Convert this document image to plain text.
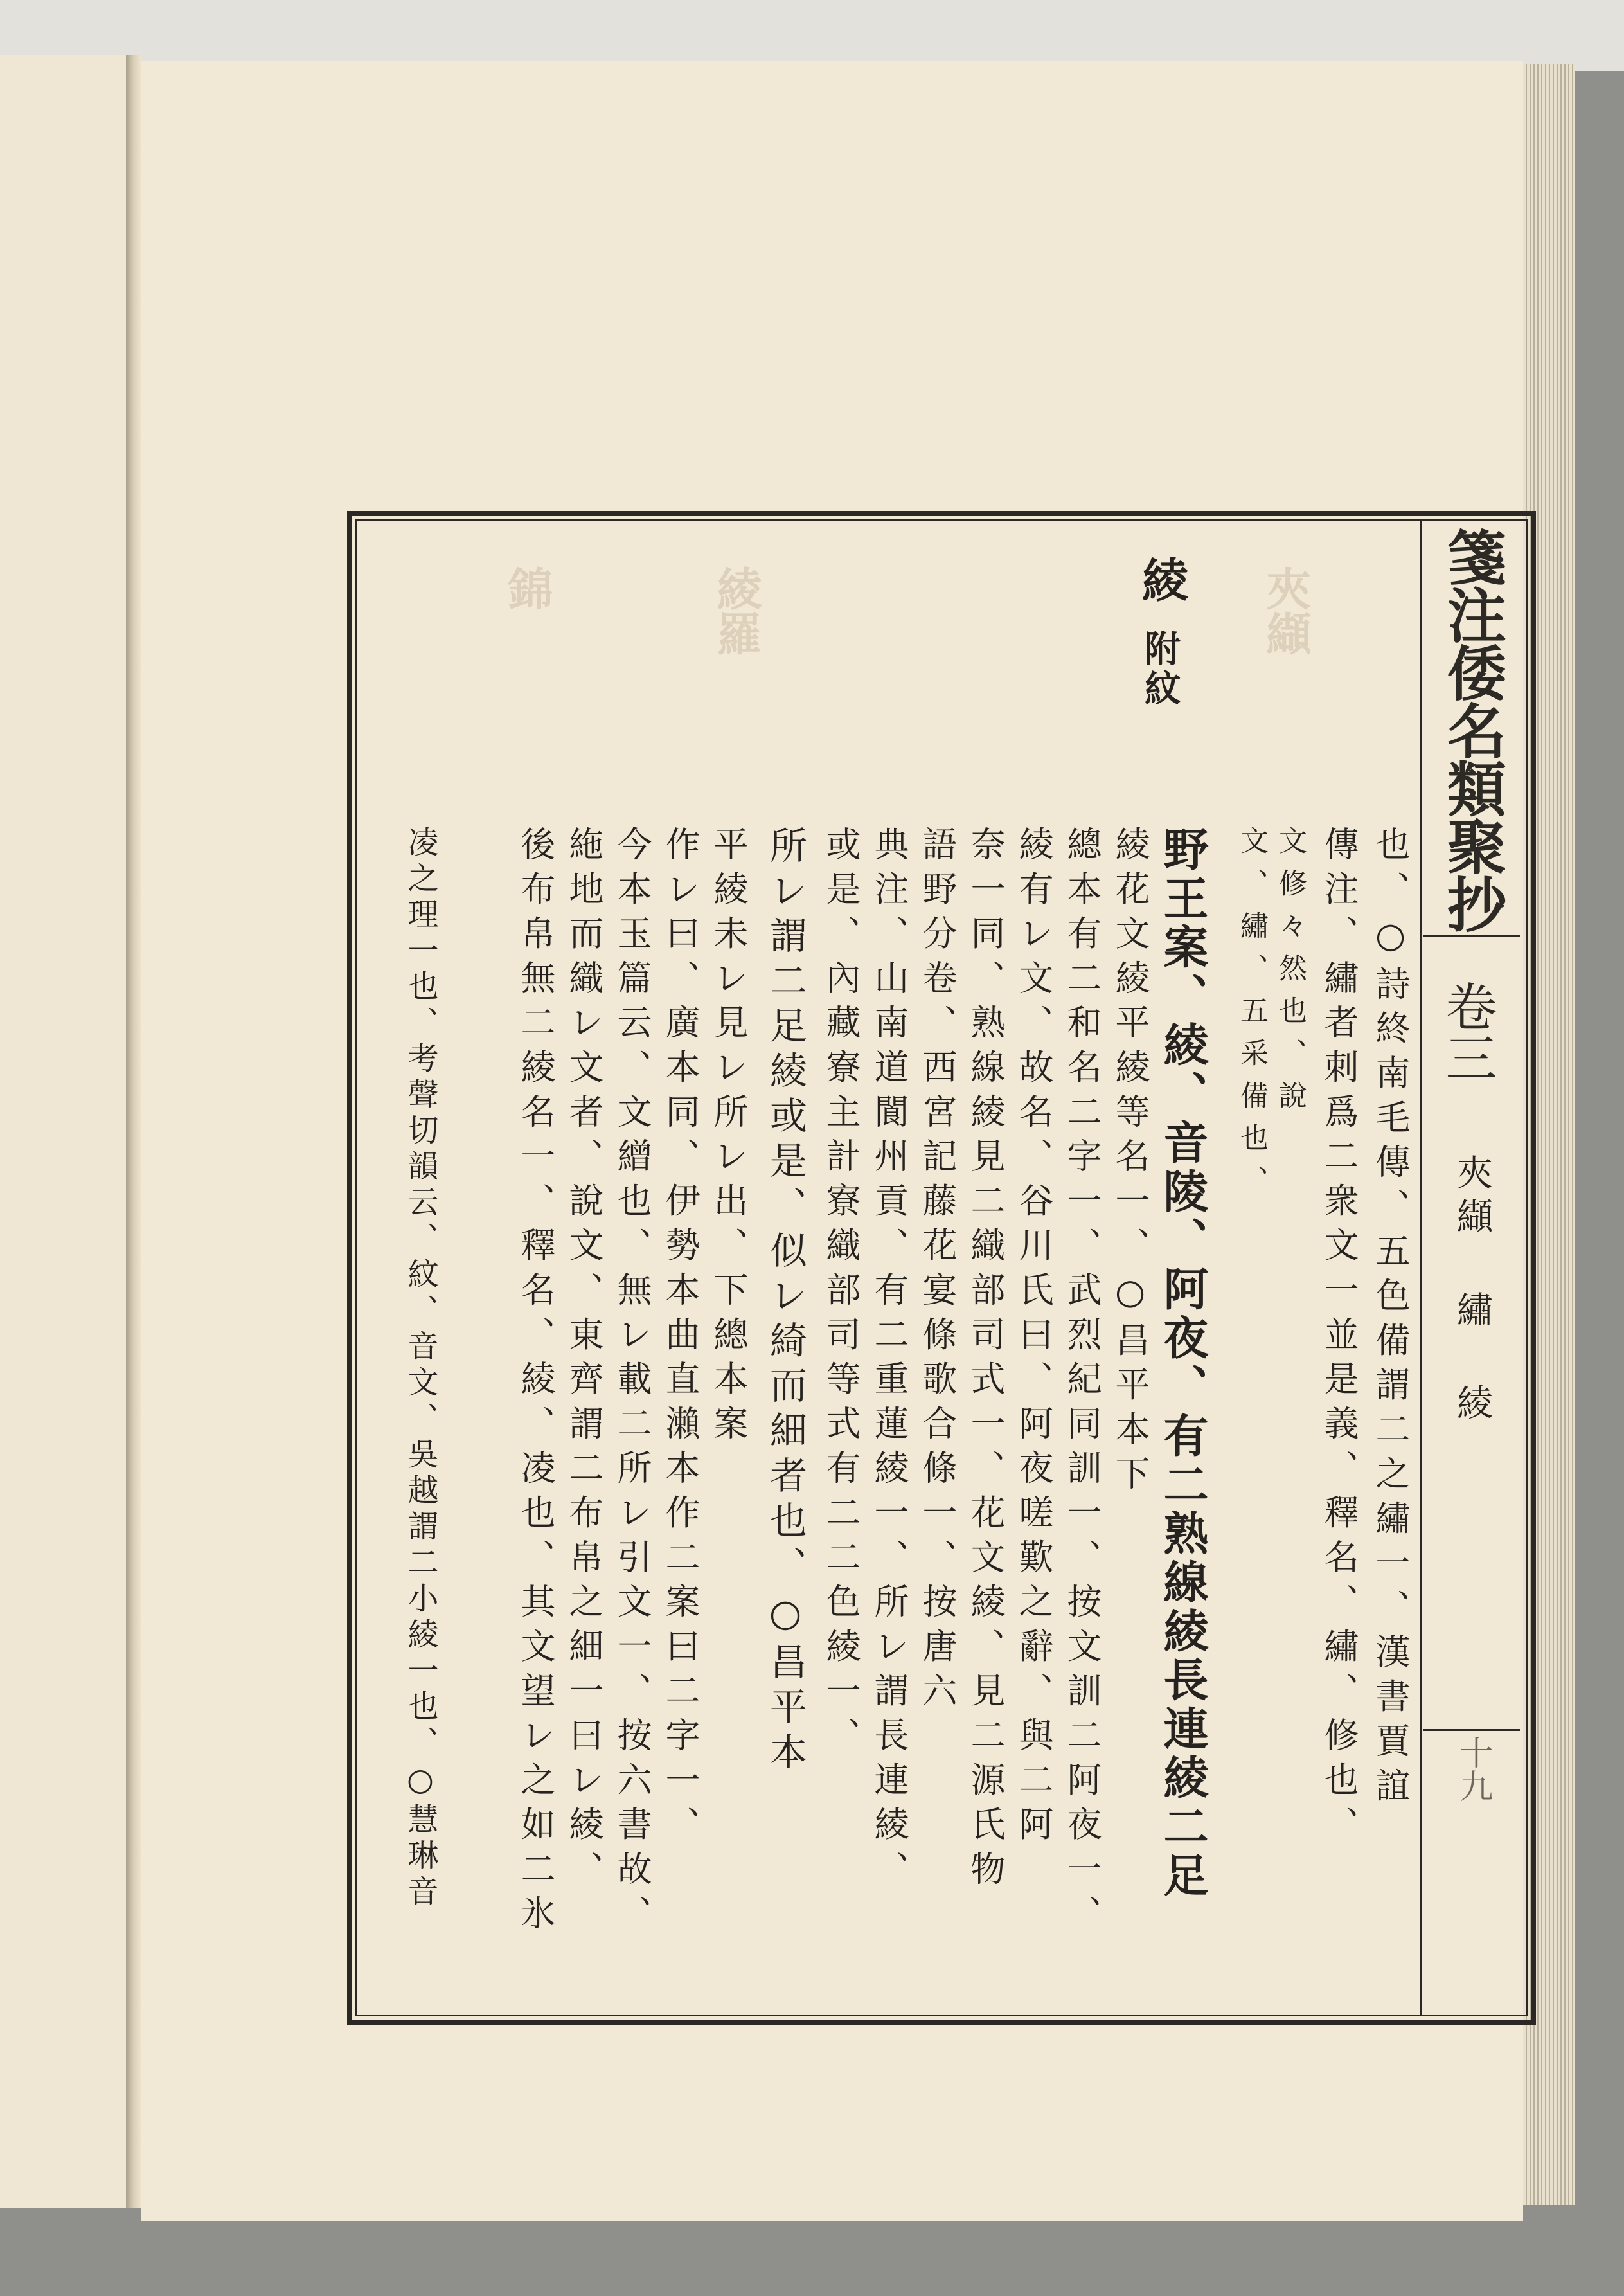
箋注倭名類聚抄
卷三
夾纈 繡 綾
十九
夾纈
綾羅
錦	綾
附紋
也、○詩終南毛傳、五色備謂二之繡一、漢書賈誼
傳注、繡者刺爲二衆文一並是義、釋名、繡、修也、
文修々然也、說
文、繡、五采備也、
野王案、綾、音陵、阿夜、有二熟線綾長連綾二足
綾花文綾平綾等名一、○昌平本下
總本有二和名二字一、武烈紀同訓一、按文訓二阿夜一、
綾有レ文、故名、谷川氏曰、阿夜嗟歎之辭、與二阿
奈一同、熟線綾見二織部司式一、花文綾、見二源氏物
語野分卷、西宮記藤花宴條歌合條一、按唐六
典注、山南道閬州貢、有二重蓮綾一、所レ謂長連綾、
或是、內藏寮主計寮織部司等式有二二色綾一、
所レ謂二足綾或是、似レ綺而細者也、○昌平本
平綾未レ見レ所レ出、下總本案
作レ曰、廣本同、伊勢本曲直瀨本作二案曰二字一、
今本玉篇云、文繒也、無レ載二所レ引文一、按六書故、
絁地而織レ文者、說文、東齊謂二布帛之細一曰レ綾、
後布帛無二綾名一、釋名、綾、凌也、其文望レ之如二氷
凌之理一也、考聲切韻云、紋、音文、吳越謂二小綾一也、○慧琳音
